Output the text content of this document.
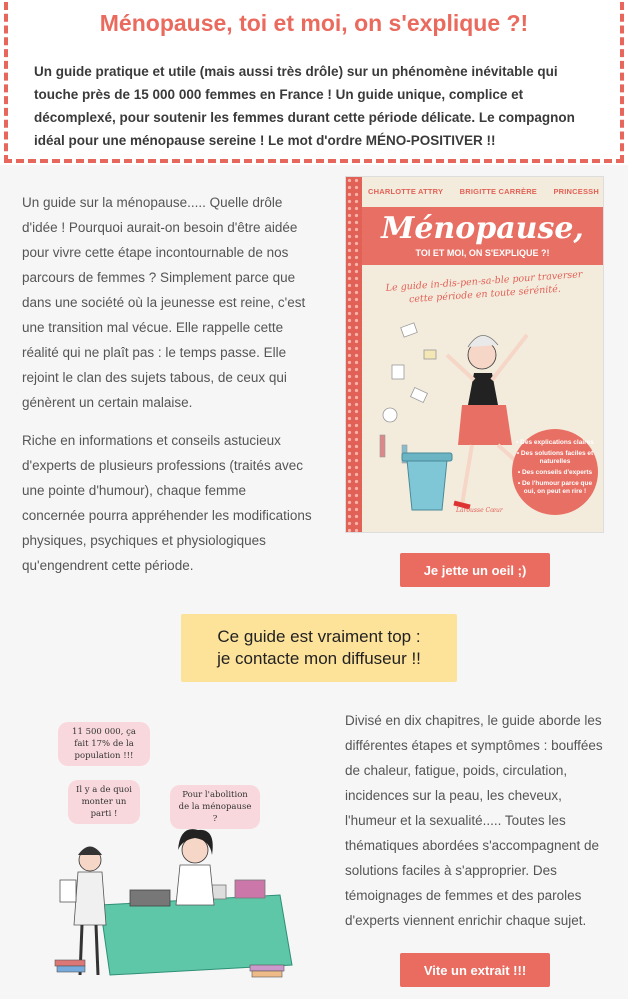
Ménopause, toi et moi, on s'explique ?!

Un guide pratique et utile (mais aussi très drôle) sur un phénomène inévitable qui touche près de 15 000 000 femmes en France ! Un guide unique, complice et décomplexé, pour soutenir les femmes durant cette période délicate. Le compagnon idéal pour une ménopause sereine ! Le mot d'ordre MÉNO-POSITIVER !!

Un guide sur la ménopause..... Quelle drôle d'idée ! Pourquoi aurait-on besoin d'être aidée pour vivre cette étape incontournable de nos parcours de femmes ? Simplement parce que dans une société où la jeunesse est reine, c'est une transition mal vécue. Elle rappelle cette réalité qui ne plaît pas : le temps passe. Elle rejoint le clan des sujets tabous, de ceux qui génèrent un certain malaise.

Riche en informations et conseils astucieux d'experts de plusieurs professions (traités avec une pointe d'humour), chaque femme concernée pourra appréhender les modifications physiques, psychiques et physiologiques qu'engendrent cette période.

CHARLOTTE ATTRY BRIGITTE CARRÈRE PRINCESSH
Ménopause,
TOI ET MOI, ON S'EXPLIQUE ?!
Le guide in-dis-pen-sa-ble pour traverser cette période en toute sérénité.
• Des explications claires
• Des solutions faciles et naturelles
• Des conseils d'experts
• De l'humour parce que oui, on peut en rire !
Larousse Cœur
Je jette un oeil ;)
Ce guide est vraiment top :
je contacte mon diffuseur !!
11 500 000, ça fait 17% de la population !!!
Il y a de quoi monter un parti !
Pour l'abolition de la ménopause ?

Divisé en dix chapitres, le guide aborde les différentes étapes et symptômes : bouffées de chaleur, fatigue, poids, circulation, incidences sur la peau, les cheveux, l'humeur et la sexualité..... Toutes les thématiques abordées s'accompagnent de solutions faciles à s'approprier. Des témoignages de femmes et des paroles d'experts viennent enrichir chaque sujet.

Vite un extrait !!!
